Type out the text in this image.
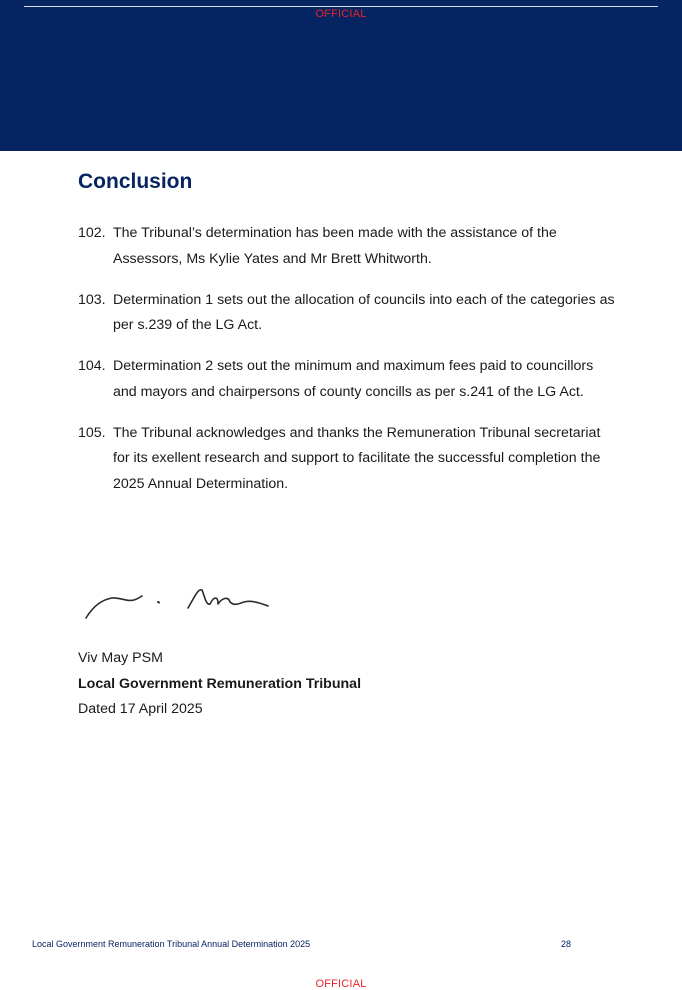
OFFICIAL
Conclusion
102. The Tribunal’s determination has been made with the assistance of the Assessors, Ms Kylie Yates and Mr Brett Whitworth.
103. Determination 1 sets out the allocation of councils into each of the categories as per s.239 of the LG Act.
104. Determination 2 sets out the minimum and maximum fees paid to councillors and mayors and chairpersons of county concills as per s.241 of the LG Act.
105. The Tribunal acknowledges and thanks the Remuneration Tribunal secretariat for its exellent research and support to facilitate the successful completion the 2025 Annual Determination.
Viv May PSM
Local Government Remuneration Tribunal
Dated 17 April 2025
Local Government Remuneration Tribunal Annual Determination 2025	28
OFFICIAL
